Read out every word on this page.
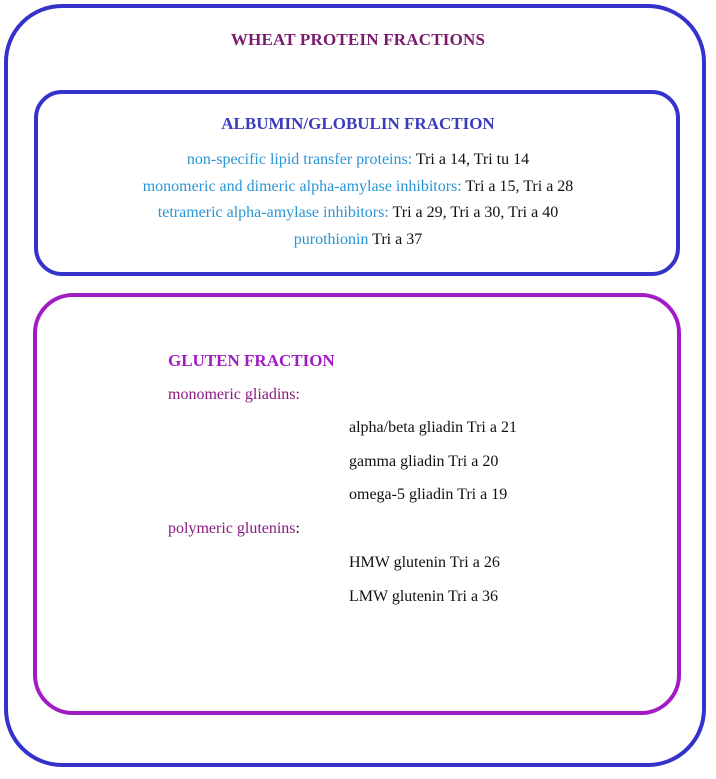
WHEAT PROTEIN FRACTIONS
ALBUMIN/GLOBULIN FRACTION
non-specific lipid transfer proteins: Tri a 14, Tri tu 14
monomeric and dimeric alpha-amylase inhibitors: Tri a 15, Tri a 28
tetrameric alpha-amylase inhibitors: Tri a 29, Tri a 30, Tri a 40
purothionin Tri a 37
GLUTEN FRACTION
monomeric gliadins:
alpha/beta gliadin Tri a 21
gamma gliadin Tri a 20
omega-5 gliadin Tri a 19
polymeric glutenins:
HMW glutenin Tri a 26
LMW glutenin Tri a 36
